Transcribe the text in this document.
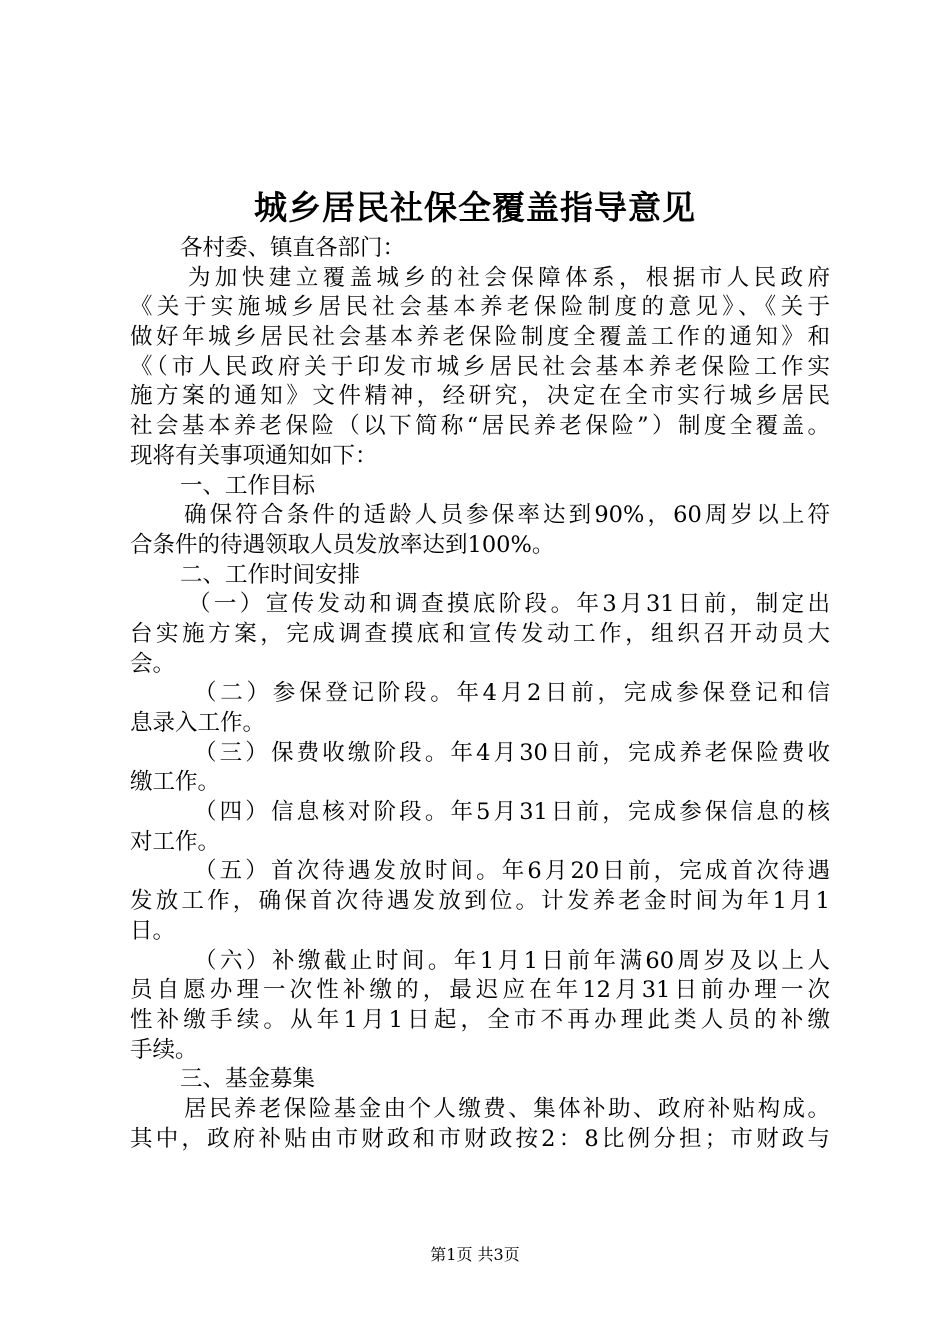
城乡居民社保全覆盖指导意见
各村委、镇直各部门：
为加快建立覆盖城乡的社会保障体系，根据市人民政府
《关于实施城乡居民社会基本养老保险制度的意见》、《关于
做好年城乡居民社会基本养老保险制度全覆盖工作的通知》和
《（市人民政府关于印发市城乡居民社会基本养老保险工作实
施方案的通知》文件精神，经研究，决定在全市实行城乡居民
社会基本养老保险（以下简称“居民养老保险”）制度全覆盖。
现将有关事项通知如下：
一、工作目标
确保符合条件的适龄人员参保率达到90%，60周岁以上符
合条件的待遇领取人员发放率达到100%。
二、工作时间安排
（一）宣传发动和调查摸底阶段。年3月31日前，制定出
台实施方案，完成调查摸底和宣传发动工作，组织召开动员大
会。
（二）参保登记阶段。年4月2日前，完成参保登记和信
息录入工作。
（三）保费收缴阶段。年4月30日前，完成养老保险费收
缴工作。
（四）信息核对阶段。年5月31日前，完成参保信息的核
对工作。
（五）首次待遇发放时间。年6月20日前，完成首次待遇
发放工作，确保首次待遇发放到位。计发养老金时间为年1月1
日。
（六）补缴截止时间。年1月1日前年满60周岁及以上人
员自愿办理一次性补缴的，最迟应在年12月31日前办理一次
性补缴手续。从年1月1日起，全市不再办理此类人员的补缴
手续。
三、基金募集
居民养老保险基金由个人缴费、集体补助、政府补贴构成。
其中，政府补贴由市财政和市财政按2：8比例分担；市财政与
第1页 共3页
